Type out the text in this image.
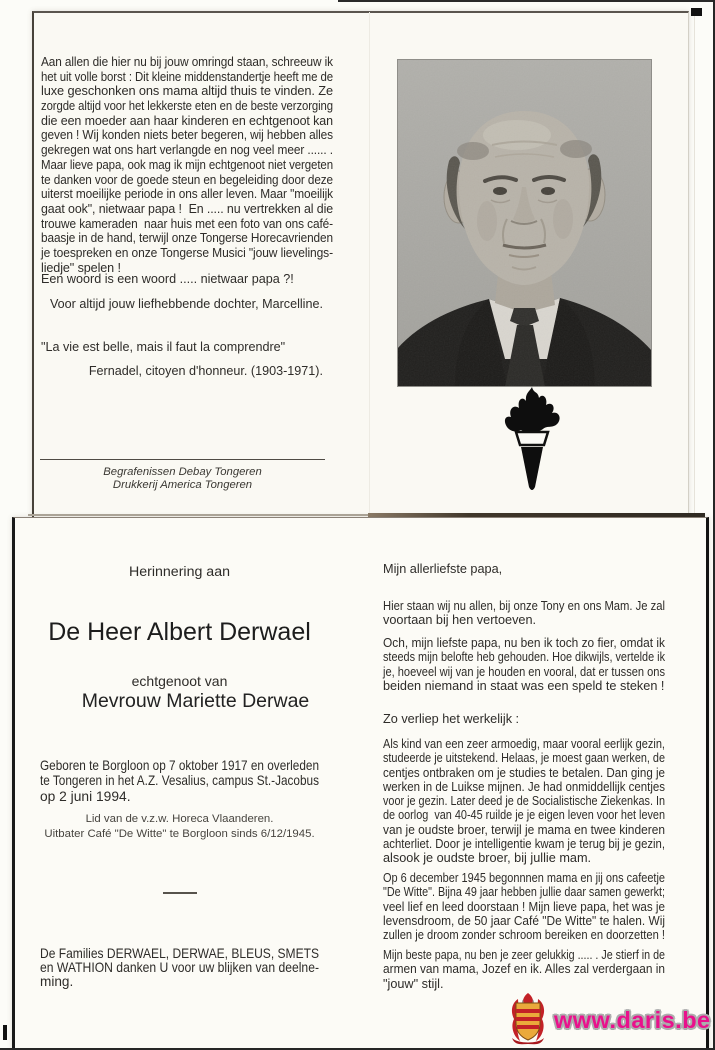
Aan allen die hier nu bij jouw omringd staan, schreeuw ik
het uit volle borst : Dit kleine middenstandertje heeft me de
luxe geschonken ons mama altijd thuis te vinden. Ze
zorgde altijd voor het lekkerste eten en de beste verzorging
die een moeder aan haar kinderen en echtgenoot kan
geven ! Wij konden niets beter begeren, wij hebben alles
gekregen wat ons hart verlangde en nog veel meer ...... .
Maar lieve papa, ook mag ik mijn echtgenoot niet vergeten
te danken voor de goede steun en begeleiding door deze
uiterst moeilijke periode in ons aller leven. Maar "moeilijk
gaat ook", nietwaar papa !  En ..... nu vertrekken al die
trouwe kameraden  naar huis met een foto van ons café-
baasje in de hand, terwijl onze Tongerse Horecavrienden
je toespreken en onze Tongerse Musici "jouw lievelings-
liedje" spelen !
Een woord is een woord ..... nietwaar papa ?!
Voor altijd jouw liefhebbende dochter, Marcelline.
"La vie est belle, mais il faut la comprendre"
Fernadel, citoyen d'honneur. (1903-1971).
Begrafenissen Debay Tongeren
Drukkerij America Tongeren
Herinnering aan
De Heer Albert Derwael
echtgenoot van
Mevrouw Mariette Derwae
Geboren te Borgloon op 7 oktober 1917 en overleden
te Tongeren in het A.Z. Vesalius, campus St.-Jacobus
op 2 juni 1994.
Lid van de v.z.w. Horeca Vlaanderen.
Uitbater Café "De Witte" te Borgloon sinds 6/12/1945.
De Families DERWAEL, DERWAE, BLEUS, SMETS
en WATHION danken U voor uw blijken van deelne-
ming.
Mijn allerliefste papa,
Hier staan wij nu allen, bij onze Tony en ons Mam. Je zal
voortaan bij hen vertoeven.
Och, mijn liefste papa, nu ben ik toch zo fier, omdat ik
steeds mijn belofte heb gehouden. Hoe dikwijls, vertelde ik
je, hoeveel wij van je houden en vooral, dat er tussen ons
beiden niemand in staat was een speld te steken !
Zo verliep het werkelijk :
Als kind van een zeer armoedig, maar vooral eerlijk gezin,
studeerde je uitstekend. Helaas, je moest gaan werken, de
centjes ontbraken om je studies te betalen. Dan ging je
werken in de Luikse mijnen. Je had onmiddellijk centjes
voor je gezin. Later deed je de Socialistische Ziekenkas. In
de oorlog  van 40-45 ruilde je je eigen leven voor het leven
van je oudste broer, terwijl je mama en twee kinderen
achterliet. Door je intelligentie kwam je terug bij je gezin,
alsook je oudste broer, bij jullie mam.
Op 6 december 1945 begonnnen mama en jij ons cafeetje
"De Witte". Bijna 49 jaar hebben jullie daar samen gewerkt;
veel lief en leed doorstaan ! Mijn lieve papa, het was je
levensdroom, de 50 jaar Café "De Witte" te halen. Wij
zullen je droom zonder schroom bereiken en doorzetten !
Mijn beste papa, nu ben je zeer gelukkig ..... . Je stierf in de
armen van mama, Jozef en ik. Alles zal verdergaan in
"jouw" stijl.
www.daris.be
